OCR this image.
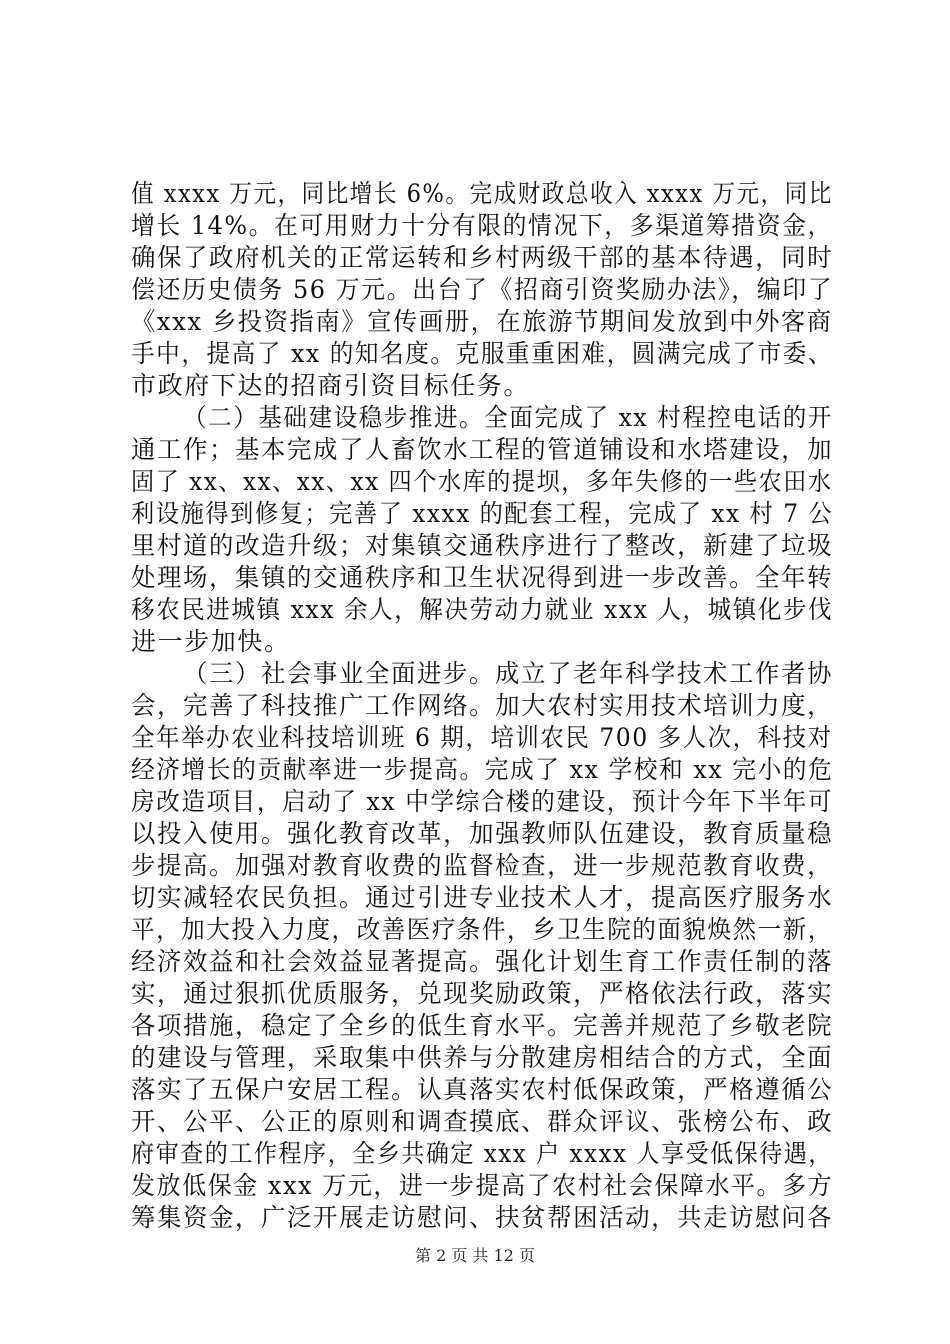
值 xxxx 万元，同比增长 6%。完成财政总收入 xxxx 万元，同比
增长 14%。在可用财力十分有限的情况下，多渠道筹措资金，
确保了政府机关的正常运转和乡村两级干部的基本待遇，同时
偿还历史债务 56 万元。出台了《招商引资奖励办法》，编印了
《xxx 乡投资指南》宣传画册，在旅游节期间发放到中外客商
手中，提高了 xx 的知名度。克服重重困难，圆满完成了市委、
市政府下达的招商引资目标任务。
（二）基础建设稳步推进。全面完成了 xx 村程控电话的开
通工作；基本完成了人畜饮水工程的管道铺设和水塔建设，加
固了 xx、xx、xx、xx 四个水库的提坝，多年失修的一些农田水
利设施得到修复；完善了 xxxx 的配套工程，完成了 xx 村 7 公
里村道的改造升级；对集镇交通秩序进行了整改，新建了垃圾
处理场，集镇的交通秩序和卫生状况得到进一步改善。全年转
移农民进城镇 xxx 余人，解决劳动力就业 xxx 人，城镇化步伐
进一步加快。
（三）社会事业全面进步。成立了老年科学技术工作者协
会，完善了科技推广工作网络。加大农村实用技术培训力度，
全年举办农业科技培训班 6 期，培训农民 700 多人次，科技对
经济增长的贡献率进一步提高。完成了 xx 学校和 xx 完小的危
房改造项目，启动了 xx 中学综合楼的建设，预计今年下半年可
以投入使用。强化教育改革，加强教师队伍建设，教育质量稳
步提高。加强对教育收费的监督检查，进一步规范教育收费，
切实减轻农民负担。通过引进专业技术人才，提高医疗服务水
平，加大投入力度，改善医疗条件，乡卫生院的面貌焕然一新，
经济效益和社会效益显著提高。强化计划生育工作责任制的落
实，通过狠抓优质服务，兑现奖励政策，严格依法行政，落实
各项措施，稳定了全乡的低生育水平。完善并规范了乡敬老院
的建设与管理，采取集中供养与分散建房相结合的方式，全面
落实了五保户安居工程。认真落实农村低保政策，严格遵循公
开、公平、公正的原则和调查摸底、群众评议、张榜公布、政
府审查的工作程序，全乡共确定 xxx 户 xxxx 人享受低保待遇，
发放低保金 xxx 万元，进一步提高了农村社会保障水平。多方
筹集资金，广泛开展走访慰问、扶贫帮困活动，共走访慰问各
第 2 页 共 12 页
